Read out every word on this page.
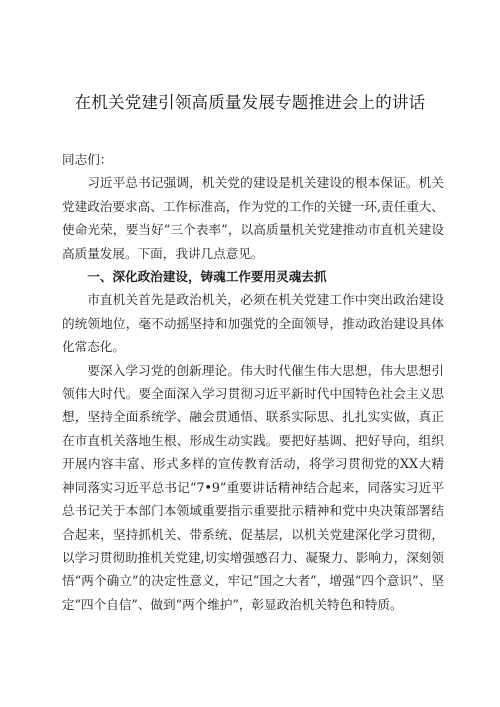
在机关党建引领高质量发展专题推进会上的讲话

同志们：

习近平总书记强调，机关党的建设是机关建设的根本保证。机关党建政治要求高、工作标准高，作为党的工作的关键一环,责任重大、使命光荣，要当好“三个表率”，以高质量机关党建推动市直机关建设高质量发展。下面，我讲几点意见。

一、深化政治建设，铸魂工作要用灵魂去抓

市直机关首先是政治机关，必须在机关党建工作中突出政治建设的统领地位，毫不动摇坚持和加强党的全面领导，推动政治建设具体化常态化。

要深入学习党的创新理论。伟大时代催生伟大思想，伟大思想引领伟大时代。要全面深入学习贯彻习近平新时代中国特色社会主义思想，坚持全面系统学、融会贯通悟、联系实际思、扎扎实实做，真正在市直机关落地生根、形成生动实践。要把好基调、把好导向，组织开展内容丰富、形式多样的宣传教育活动，将学习贯彻党的XX大精神同落实习近平总书记“7•9”重要讲话精神结合起来，同落实习近平总书记关于本部门本领域重要指示重要批示精神和党中央决策部署结合起来，坚持抓机关、带系统、促基层，以机关党建深化学习贯彻，以学习贯彻助推机关党建,切实增强感召力、凝聚力、影响力，深刻领悟“两个确立”的决定性意义，牢记“国之大者”，增强“四个意识”、坚定“四个自信”、做到“两个维护”，彰显政治机关特色和特质。
